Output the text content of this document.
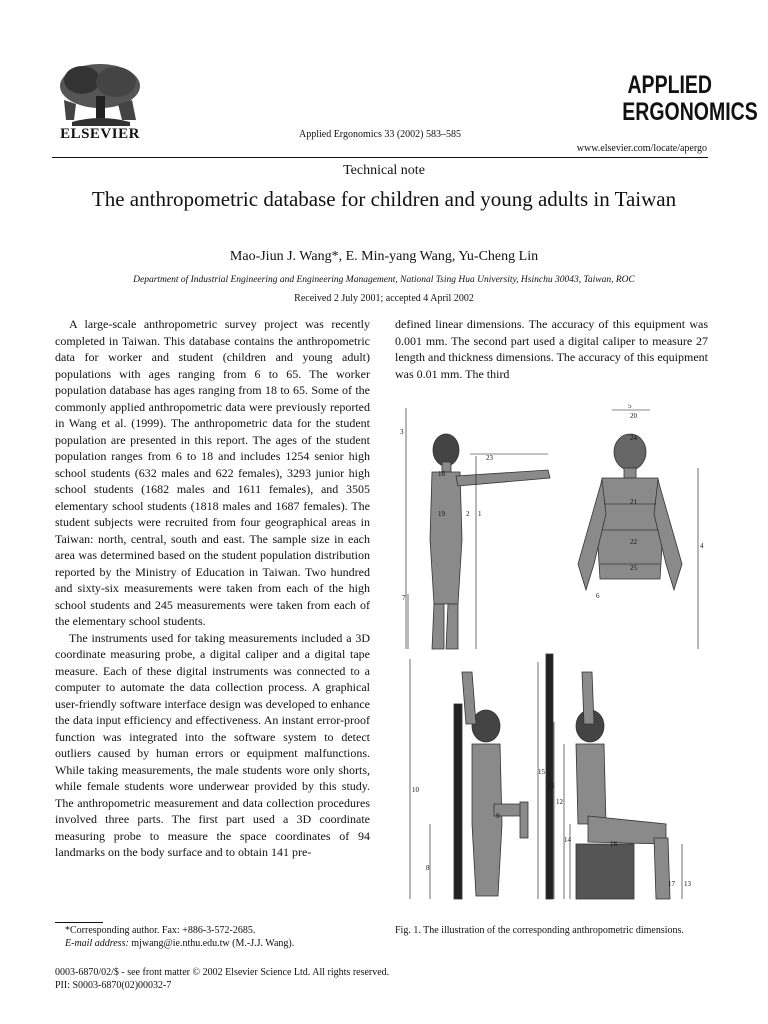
ELSEVIER	Applied Ergonomics 33 (2002) 583–585
APPLIED
ERGONOMICS
www.elsevier.com/locate/apergo
Technical note
The anthropometric database for children and young adults in Taiwan
Mao-Jiun J. Wang*, E. Min-yang Wang, Yu-Cheng Lin
Department of Industrial Engineering and Engineering Management, National Tsing Hua University, Hsinchu 30043, Taiwan, ROC
Received 2 July 2001; accepted 4 April 2002

A large-scale anthropometric survey project was recently completed in Taiwan. This database contains the anthropometric data for worker and student (children and young adult) populations with ages ranging from 6 to 65. The worker population database has ages ranging from 18 to 65. Some of the commonly applied anthropometric data were previously reported in Wang et al. (1999). The anthropometric data for the student population are presented in this report. The ages of the student population ranges from 6 to 18 and includes 1254 senior high school students (632 males and 622 females), 3293 junior high school students (1682 males and 1611 females), and 3505 elementary school students (1818 males and 1687 females). The student subjects were recruited from four geographical areas in Taiwan: north, central, south and east. The sample size in each area was determined based on the student population distribution reported by the Ministry of Education in Taiwan. Two hundred and sixty-six measurements were taken from each of the high school students and 245 measurements were taken from each of the elementary school students.

The instruments used for taking measurements included a 3D coordinate measuring probe, a digital caliper and a digital tape measure. Each of these digital instruments was connected to a computer to automate the data collection process. A graphical user-friendly software interface design was developed to enhance the data input efficiency and effectiveness. An instant error-proof function was integrated into the software system to detect outliers caused by human errors or equipment malfunctions. While taking measurements, the male students wore only shorts, while female students wore underwear provided by this study. The anthropometric measurement and data collection procedures involved three parts. The first part used a 3D coordinate measuring probe to measure the space coordinates of 94 landmarks on the body surface and to obtain 141 pre-

defined linear dimensions. The accuracy of this equipment was 0.001 mm. The second part used a digital caliper to measure 27 length and thickness dimensions. The accuracy of this equipment was 0.01 mm. The third

3
23
18
19	2 1
7
5
20
24
21
22
25
4
6
10
9
8
15
11
12
14	16
17 13
*Corresponding author. Fax: +886-3-572-2685.
E-mail address: mjwang@ie.nthu.edu.tw (M.-J.J. Wang).
Fig. 1. The illustration of the corresponding anthropometric dimensions.
0003-6870/02/$ - see front matter © 2002 Elsevier Science Ltd. All rights reserved.
PII: S0003-6870(02)00032-7
